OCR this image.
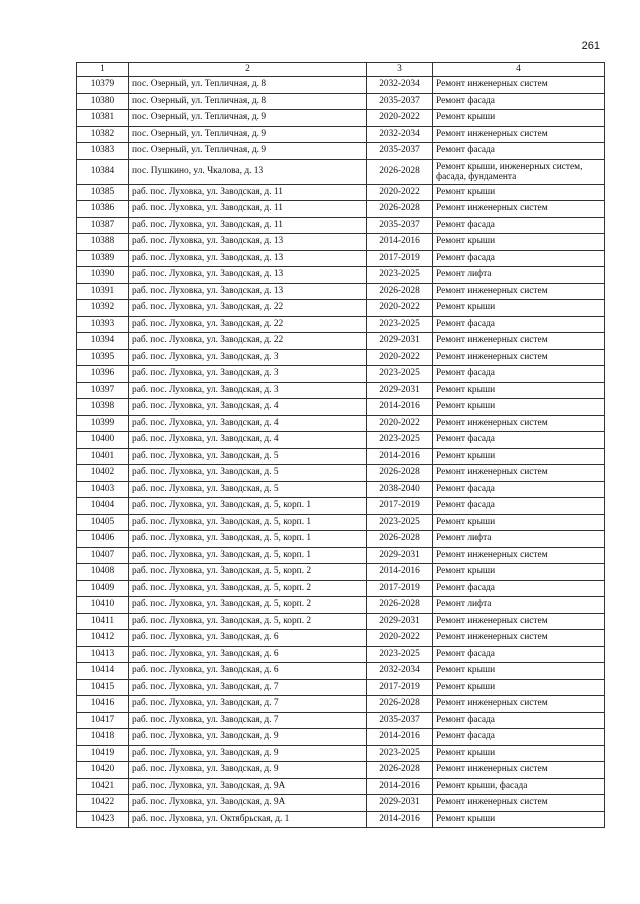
261
1	2	3	4
10379	пос. Озерный, ул. Тепличная, д. 8	2032-2034	Ремонт инженерных систем
10380	пос. Озерный, ул. Тепличная, д. 8	2035-2037	Ремонт фасада
10381	пос. Озерный, ул. Тепличная, д. 9	2020-2022	Ремонт крыши
10382	пос. Озерный, ул. Тепличная, д. 9	2032-2034	Ремонт инженерных систем
10383	пос. Озерный, ул. Тепличная, д. 9	2035-2037	Ремонт фасада
10384	пос. Пушкино, ул. Чкалова, д. 13	2026-2028	Ремонт крыши, инженерных систем, фасада, фундамента
10385	раб. пос. Луховка, ул. Заводская, д. 11	2020-2022	Ремонт крыши
10386	раб. пос. Луховка, ул. Заводская, д. 11	2026-2028	Ремонт инженерных систем
10387	раб. пос. Луховка, ул. Заводская, д. 11	2035-2037	Ремонт фасада
10388	раб. пос. Луховка, ул. Заводская, д. 13	2014-2016	Ремонт крыши
10389	раб. пос. Луховка, ул. Заводская, д. 13	2017-2019	Ремонт фасада
10390	раб. пос. Луховка, ул. Заводская, д. 13	2023-2025	Ремонт лифта
10391	раб. пос. Луховка, ул. Заводская, д. 13	2026-2028	Ремонт инженерных систем
10392	раб. пос. Луховка, ул. Заводская, д. 22	2020-2022	Ремонт крыши
10393	раб. пос. Луховка, ул. Заводская, д. 22	2023-2025	Ремонт фасада
10394	раб. пос. Луховка, ул. Заводская, д. 22	2029-2031	Ремонт инженерных систем
10395	раб. пос. Луховка, ул. Заводская, д. 3	2020-2022	Ремонт инженерных систем
10396	раб. пос. Луховка, ул. Заводская, д. 3	2023-2025	Ремонт фасада
10397	раб. пос. Луховка, ул. Заводская, д. 3	2029-2031	Ремонт крыши
10398	раб. пос. Луховка, ул. Заводская, д. 4	2014-2016	Ремонт крыши
10399	раб. пос. Луховка, ул. Заводская, д. 4	2020-2022	Ремонт инженерных систем
10400	раб. пос. Луховка, ул. Заводская, д. 4	2023-2025	Ремонт фасада
10401	раб. пос. Луховка, ул. Заводская, д. 5	2014-2016	Ремонт крыши
10402	раб. пос. Луховка, ул. Заводская, д. 5	2026-2028	Ремонт инженерных систем
10403	раб. пос. Луховка, ул. Заводская, д. 5	2038-2040	Ремонт фасада
10404	раб. пос. Луховка, ул. Заводская, д. 5, корп. 1	2017-2019	Ремонт фасада
10405	раб. пос. Луховка, ул. Заводская, д. 5, корп. 1	2023-2025	Ремонт крыши
10406	раб. пос. Луховка, ул. Заводская, д. 5, корп. 1	2026-2028	Ремонт лифта
10407	раб. пос. Луховка, ул. Заводская, д. 5, корп. 1	2029-2031	Ремонт инженерных систем
10408	раб. пос. Луховка, ул. Заводская, д. 5, корп. 2	2014-2016	Ремонт крыши
10409	раб. пос. Луховка, ул. Заводская, д. 5, корп. 2	2017-2019	Ремонт фасада
10410	раб. пос. Луховка, ул. Заводская, д. 5, корп. 2	2026-2028	Ремонт лифта
10411	раб. пос. Луховка, ул. Заводская, д. 5, корп. 2	2029-2031	Ремонт инженерных систем
10412	раб. пос. Луховка, ул. Заводская, д. 6	2020-2022	Ремонт инженерных систем
10413	раб. пос. Луховка, ул. Заводская, д. 6	2023-2025	Ремонт фасада
10414	раб. пос. Луховка, ул. Заводская, д. 6	2032-2034	Ремонт крыши
10415	раб. пос. Луховка, ул. Заводская, д. 7	2017-2019	Ремонт крыши
10416	раб. пос. Луховка, ул. Заводская, д. 7	2026-2028	Ремонт инженерных систем
10417	раб. пос. Луховка, ул. Заводская, д. 7	2035-2037	Ремонт фасада
10418	раб. пос. Луховка, ул. Заводская, д. 9	2014-2016	Ремонт фасада
10419	раб. пос. Луховка, ул. Заводская, д. 9	2023-2025	Ремонт крыши
10420	раб. пос. Луховка, ул. Заводская, д. 9	2026-2028	Ремонт инженерных систем
10421	раб. пос. Луховка, ул. Заводская, д. 9А	2014-2016	Ремонт крыши, фасада
10422	раб. пос. Луховка, ул. Заводская, д. 9А	2029-2031	Ремонт инженерных систем
10423	раб. пос. Луховка, ул. Октябрьская, д. 1	2014-2016	Ремонт крыши
